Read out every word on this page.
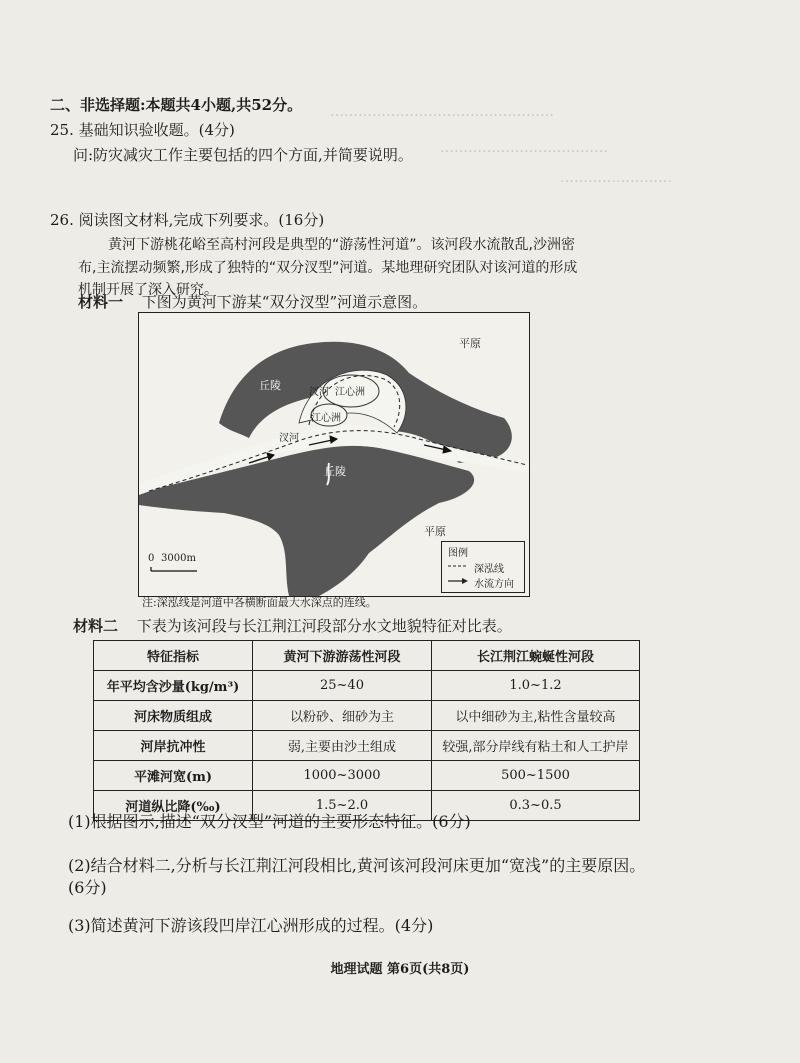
…………………………………………
………………………………
……………………
二、非选择题:本题共4小题,共52分。
25. 基础知识验收题。(4分)
问:防灾减灾工作主要包括的四个方面,并简要说明。
26. 阅读图文材料,完成下列要求。(16分)
黄河下游桃花峪至高村河段是典型的“游荡性河道”。该河段水流散乱,沙洲密
布,主流摆动频繁,形成了独特的“双分汊型”河道。某地理研究团队对该河道的形成
机制开展了深入研究。
材料一 下图为黄河下游某“双分汊型”河道示意图。
平原
平原
丘陵
丘陵
汊河 江心洲
江心洲
汊河
0 3000m	图例
深泓线
水流方向
注:深泓线是河道中各横断面最大水深点的连线。
材料二 下表为该河段与长江荆江河段部分水文地貌特征对比表。
特征指标	黄河下游游荡性河段	长江荆江蜿蜒性河段
年平均含沙量(kg/m³)	25~40	1.0~1.2
河床物质组成	以粉砂、细砂为主	以中细砂为主,粘性含量较高
河岸抗冲性	弱,主要由沙土组成	较强,部分岸线有粘土和人工护岸
平滩河宽(m)	1000~3000	500~1500
河道纵比降(‰)	1.5~2.0	0.3~0.5
(1)根据图示,描述“双分汊型”河道的主要形态特征。(6分)
(2)结合材料二,分析与长江荆江河段相比,黄河该河段河床更加“宽浅”的主要原因。
(6分)
(3)简述黄河下游该段凹岸江心洲形成的过程。(4分)
地理试题 第6页(共8页)
